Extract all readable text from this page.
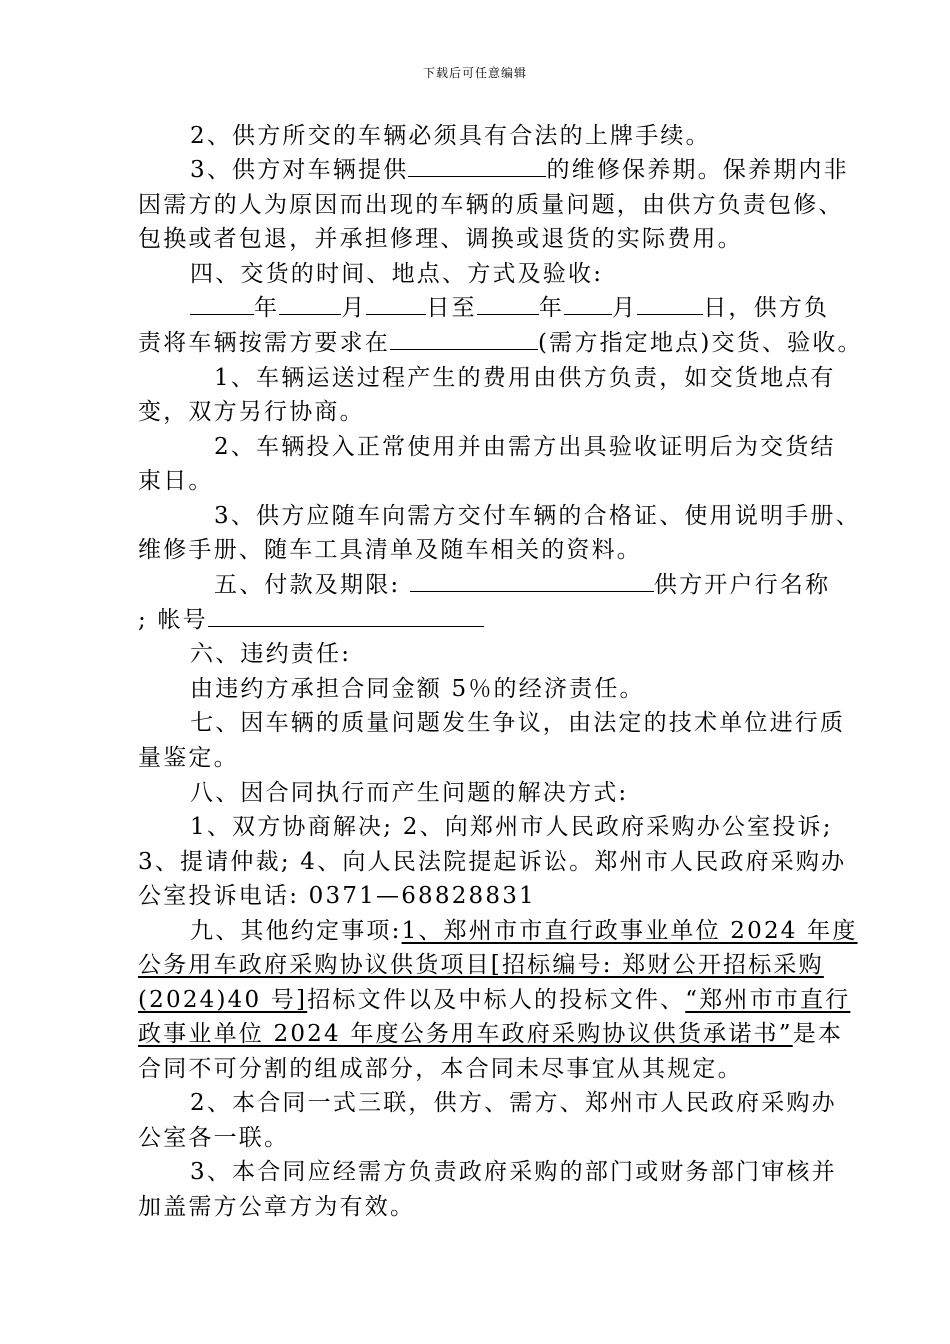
下载后可任意编辑
2、供方所交的车辆必须具有合法的上牌手续。
3、供方对车辆提供	的维修保养期。保养期内非
因需方的人为原因而出现的车辆的质量问题，由供方负责包修、
包换或者包退，并承担修理、调换或退货的实际费用。
四、交货的时间、地点、方式及验收:
年	月	日至	年 月	日，供方负
责将车辆按需方要求在	(需方指定地点)交货、验收。
1、车辆运送过程产生的费用由供方负责，如交货地点有
变，双方另行协商。
2、车辆投入正常使用并由需方出具验收证明后为交货结
束日。
3、供方应随车向需方交付车辆的合格证、使用说明手册、
维修手册、随车工具清单及随车相关的资料。
五、付款及期限:	供方开户行名称
; 帐号
六、违约责任:
由违约方承担合同金额 5％的经济责任。
七、因车辆的质量问题发生争议，由法定的技术单位进行质
量鉴定。
八、因合同执行而产生问题的解决方式:
1、双方协商解决; 2、向郑州市人民政府采购办公室投诉;
3、提请仲裁; 4、向人民法院提起诉讼。郑州市人民政府采购办
公室投诉电话: 0371—68828831
九、其他约定事项:1、郑州市市直行政事业单位 2024 年度
公务用车政府采购协议供货项目[招标编号: 郑财公开招标采购
(2024)40 号]招标文件以及中标人的投标文件、“郑州市市直行
政事业单位 2024 年度公务用车政府采购协议供货承诺书”是本
合同不可分割的组成部分，本合同未尽事宜从其规定。
2、本合同一式三联，供方、需方、郑州市人民政府采购办
公室各一联。
3、本合同应经需方负责政府采购的部门或财务部门审核并
加盖需方公章方为有效。
